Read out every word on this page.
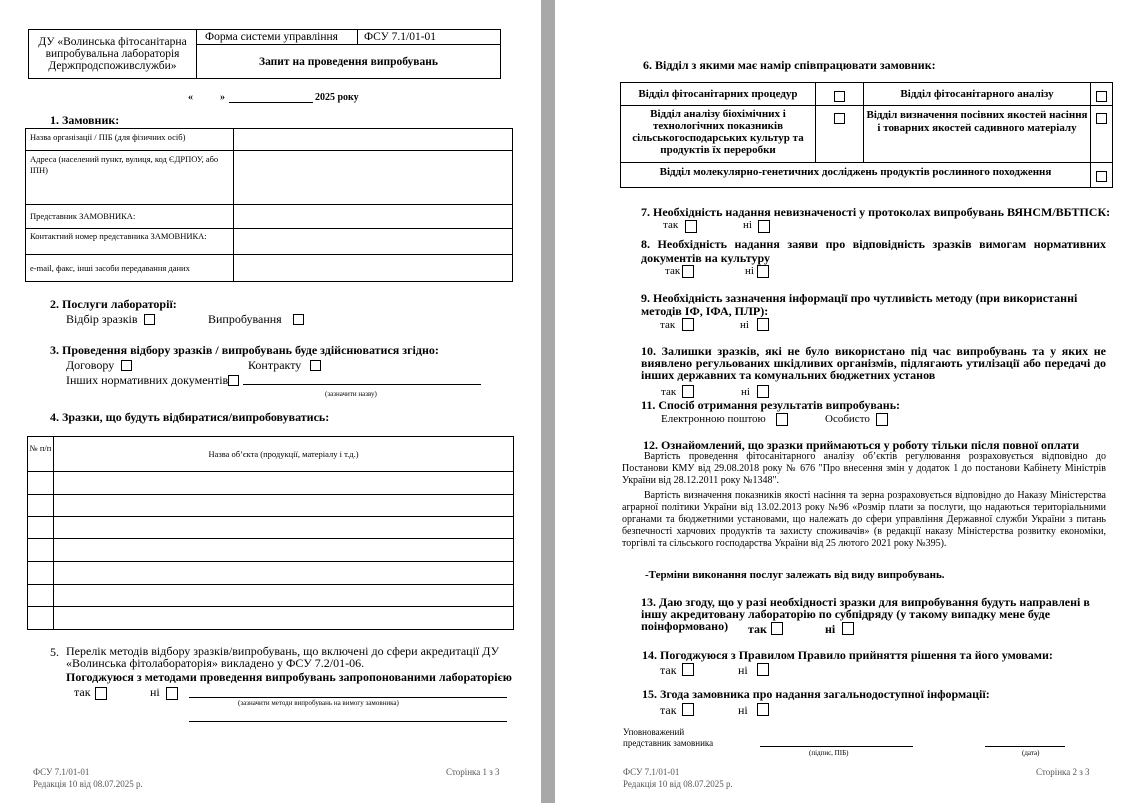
ДУ «Волинська фітосанітарна випробувальна лабораторія Держпродспоживслужби»	Форма системи управління	ФСУ 7.1/01-01
Запит на проведення випробувань
«	»	2025 року
1. Замовник:
Назва організації / ПІБ (для фізичних осіб)	
Адреса (населений пункт, вулиця, код ЄДРПОУ, або ІПН)	
Представник ЗАМОВНИКА:	
Контактний номер представника ЗАМОВНИКА:	
e-mail, факс, інші засоби передавання даних	
2. Послуги лабораторії:
Відбір зразків	Випробування
3. Проведення відбору зразків / випробувань буде здійснюватися згідно:
Договору	Контракту
Інших нормативних документів
(зазначити назву)
4. Зразки, що будуть відбиратися/випробовуватись:
№ п/п	Назва об’єкта (продукції, матеріалу і т.д.)

5. Перелік методів відбору зразків/випробувань, що включені до сфери акредитації ДУ «Волинська фітолабораторія» викладено у ФСУ 7.2/01-06.
Погоджуюся з методами проведення випробувань запропонованими лабораторією
так	ні
(зазначити методи випробувань на вимогу замовника)
ФСУ 7.1/01-01
Редакція 10 від 08.07.2025 р.
Сторінка 1 з 3
6. Відділ з якими має намір співпрацювати замовник:
Відділ фітосанітарних процедур		Відділ фітосанітарного аналізу	
Відділ аналізу біохімічних і технологічних показників сільськогосподарських культур та продуктів їх переробки		Відділ визначення посівних якостей насіння і товарних якостей садивного матеріалу	
Відділ молекулярно-генетичних досліджень продуктів рослинного походження			
7. Необхідність надання невизначеності у протоколах випробувань ВЯНСМ/ВБТПСК:
так	ні
8. Необхідність надання заяви про відповідність зразків вимогам нормативних документів на культуру
так	ні
9. Необхідність зазначення інформації про чутливість методу (при використанні методів ІФ, ІФА, ПЛР):
так	ні
10. Залишки зразків, які не було використано під час випробувань та у яких не виявлено регульованих шкідливих організмів, підлягають утилізації або передачі до інших державних та комунальних бюджетних установ
так	ні
11. Спосіб отримання результатів випробувань:
Електронною поштою	Особисто
12. Ознайомлений, що зразки приймаються у роботу тільки після повної оплати
Вартість проведення фітосанітарного аналізу об’єктів регулювання розраховується відповідно до Постанови КМУ від 29.08.2018 року № 676 "Про внесення змін у додаток 1 до постанови Кабінету Міністрів України від 28.12.2011 року №1348".
Вартість визначення показників якості насіння та зерна розраховується відповідно до Наказу Міністерства аграрної політики України від 13.02.2013 року №96 «Розмір плати за послуги, що надаються територіальними органами та бюджетними установами, що належать до сфери управління Державної служби України з питань безпечності харчових продуктів та захисту споживачів» (в редакції наказу Міністерства розвитку економіки, торгівлі та сільського господарства України від 25 лютого 2021 року №395).
-Терміни виконання послуг залежать від виду випробувань.
13. Даю згоду, що у разі необхідності зразки для випробування будуть направлені в іншу акредитовану лабораторію по субпідряду (у такому випадку мене буде поінформовано)	так	ні
14. Погоджуюся з Правилом Правило прийняття рішення та його умовами:
так	ні
15. Згода замовника про надання загальнодоступної інформації:
так	ні
Уповноважений представник замовника
(підпис, ПІБ)	(дата)
ФСУ 7.1/01-01
Редакція 10 від 08.07.2025 р.
Сторінка 2 з 3
